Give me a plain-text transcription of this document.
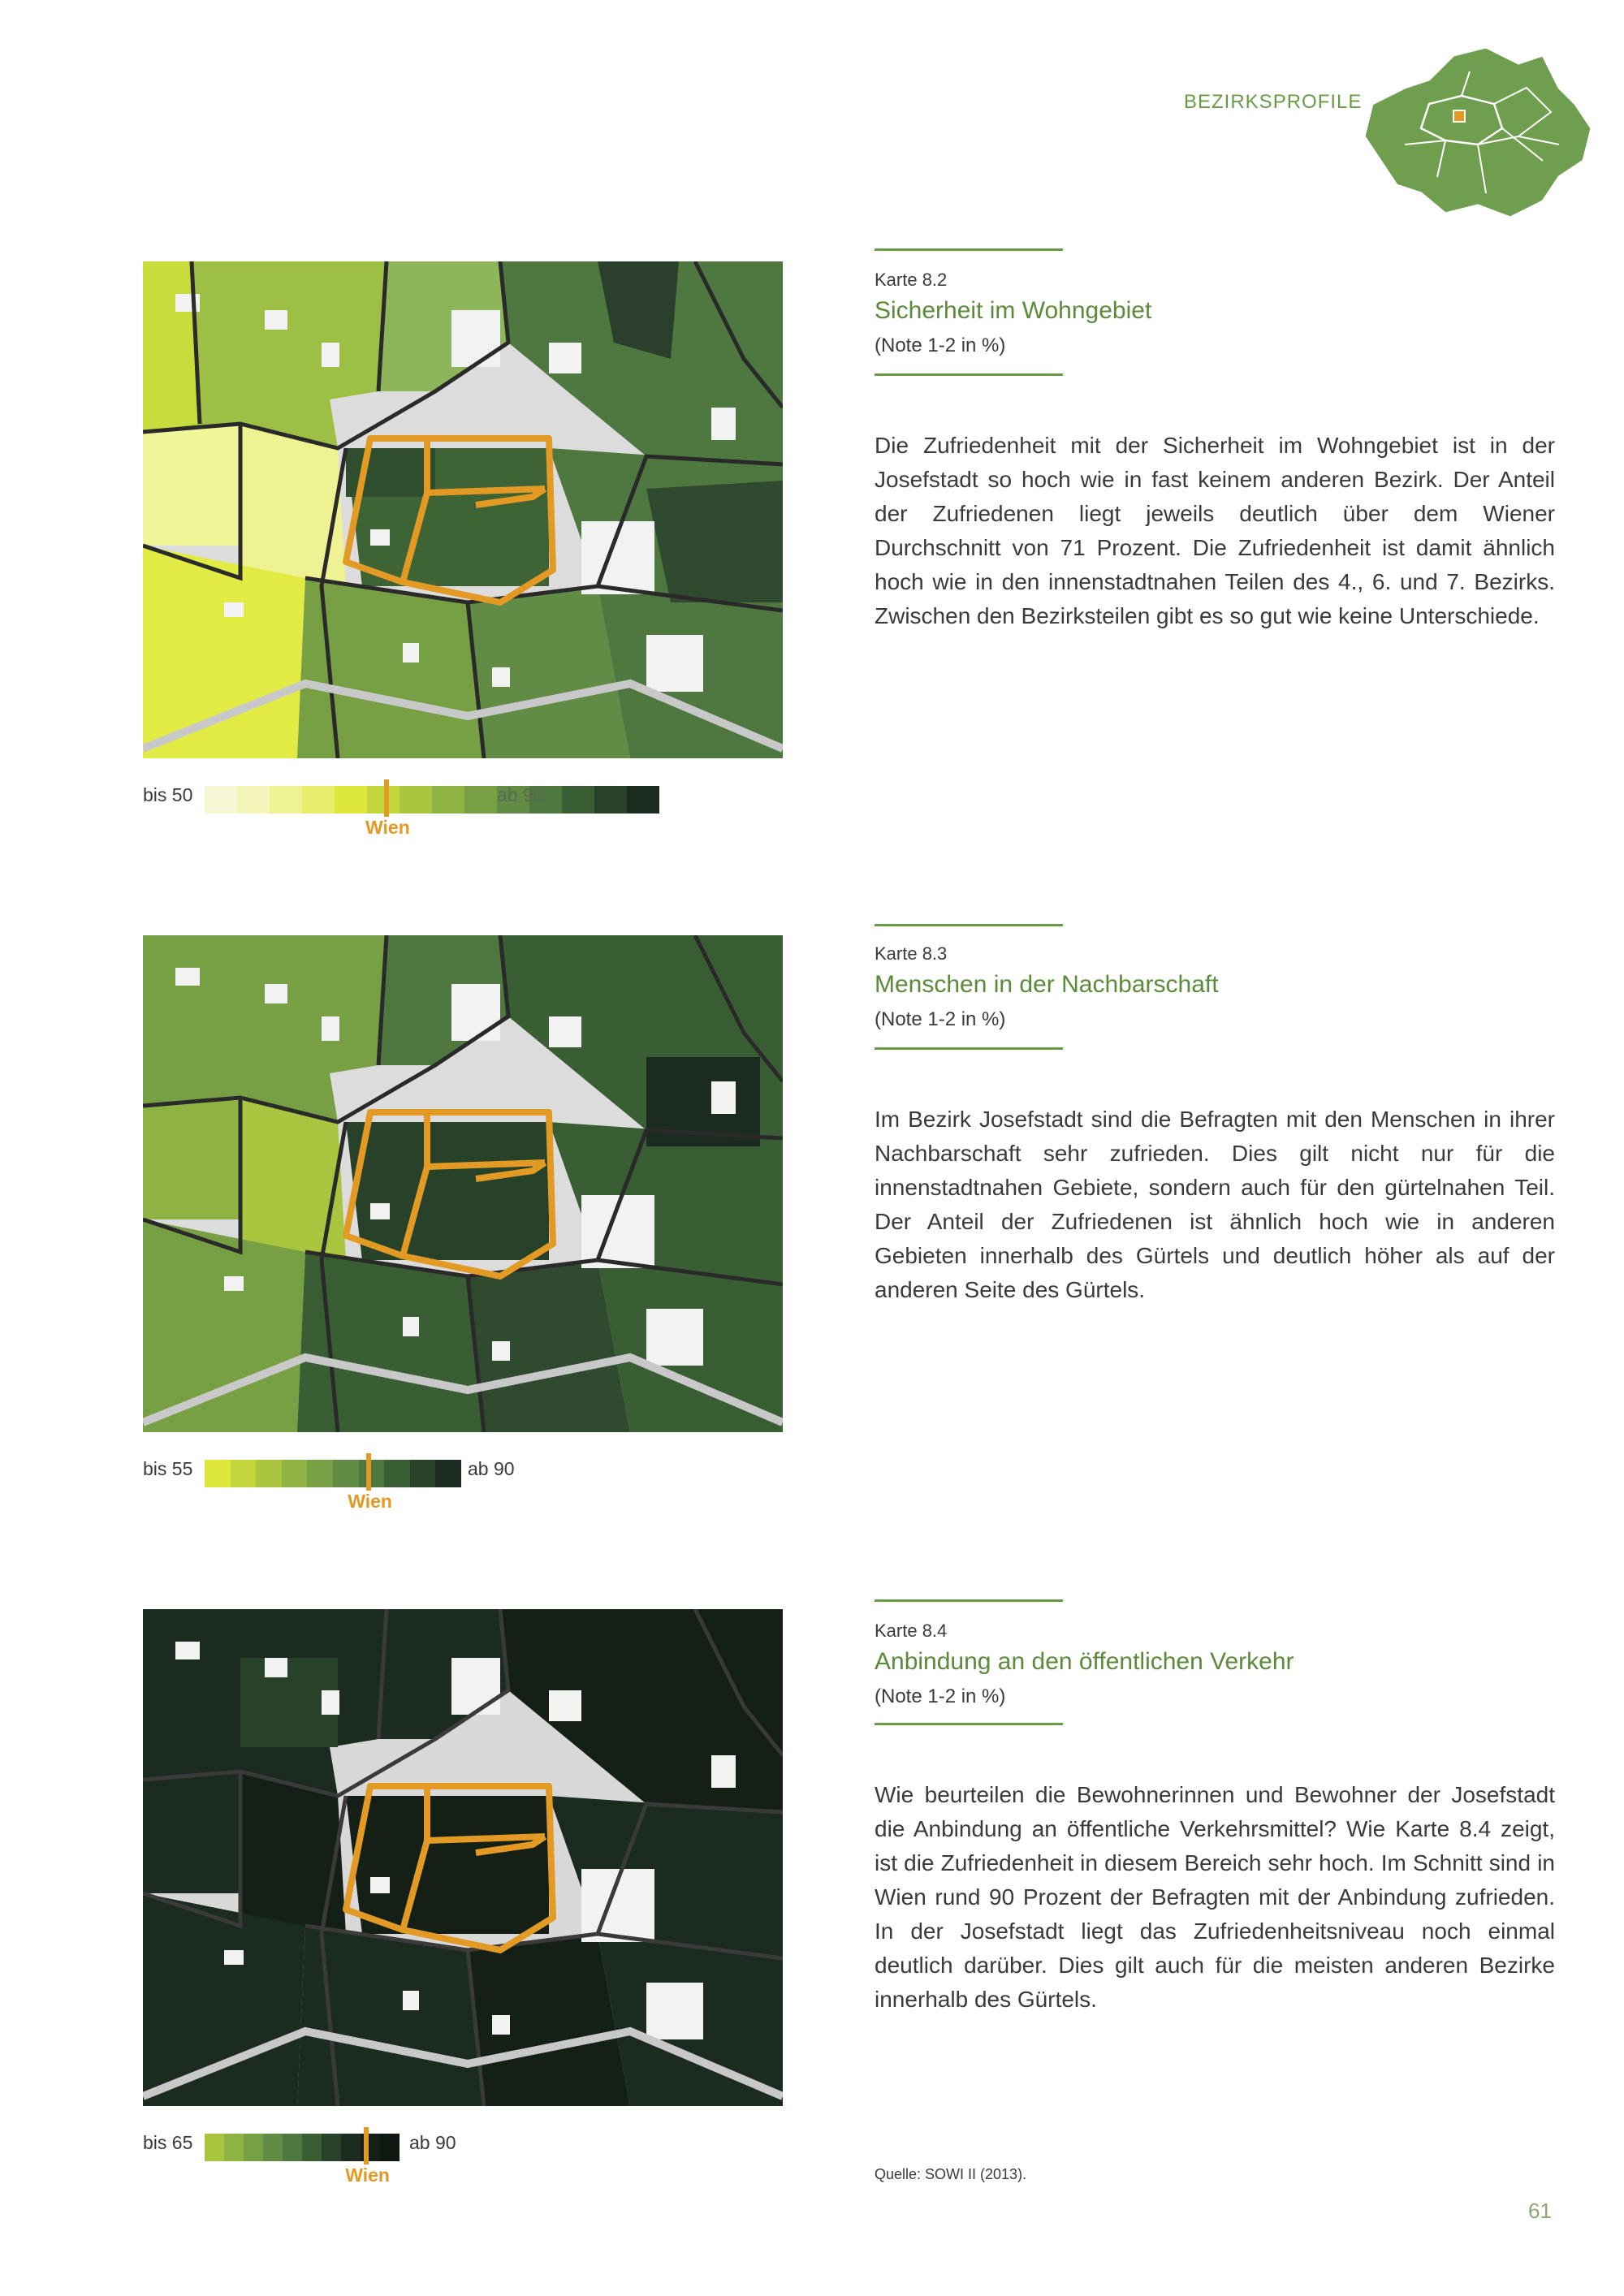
BEZIRKSPROFILE
bis 50	ab 90
Wien
Karte 8.2
Sicherheit im Wohngebiet
(Note 1-2 in %)
Die Zufriedenheit mit der Sicherheit im Wohngebiet ist in der Josefstadt so hoch wie in fast keinem anderen Bezirk. Der Anteil der Zufriedenen liegt jeweils deutlich über dem Wiener Durchschnitt von 71 Prozent. Die Zufriedenheit ist damit ähnlich hoch wie in den innenstadtnahen Teilen des 4., 6. und 7. Bezirks. Zwischen den Bezirksteilen gibt es so gut wie keine Unterschiede.
bis 55	ab 90
Wien
Karte 8.3
Menschen in der Nachbarschaft
(Note 1-2 in %)
Im Bezirk Josefstadt sind die Befragten mit den Menschen in ihrer Nachbarschaft sehr zufrieden. Dies gilt nicht nur für die innenstadtnahen Gebiete, sondern auch für den gürtelnahen Teil. Der Anteil der Zufriedenen ist ähnlich hoch wie in anderen Gebieten innerhalb des Gürtels und deutlich höher als auf der anderen Seite des Gürtels.
bis 65	ab 90
Wien
Karte 8.4
Anbindung an den öffentlichen Verkehr
(Note 1-2 in %)
Wie beurteilen die Bewohnerinnen und Bewohner der Josefstadt die Anbindung an öffentliche Verkehrsmittel? Wie Karte 8.4 zeigt, ist die Zufriedenheit in diesem Bereich sehr hoch. Im Schnitt sind in Wien rund 90 Prozent der Befragten mit der Anbindung zufrieden. In der Josefstadt liegt das Zufriedenheitsniveau noch einmal deutlich darüber. Dies gilt auch für die meisten anderen Bezirke innerhalb des Gürtels.
Quelle: SOWI II (2013).
61
